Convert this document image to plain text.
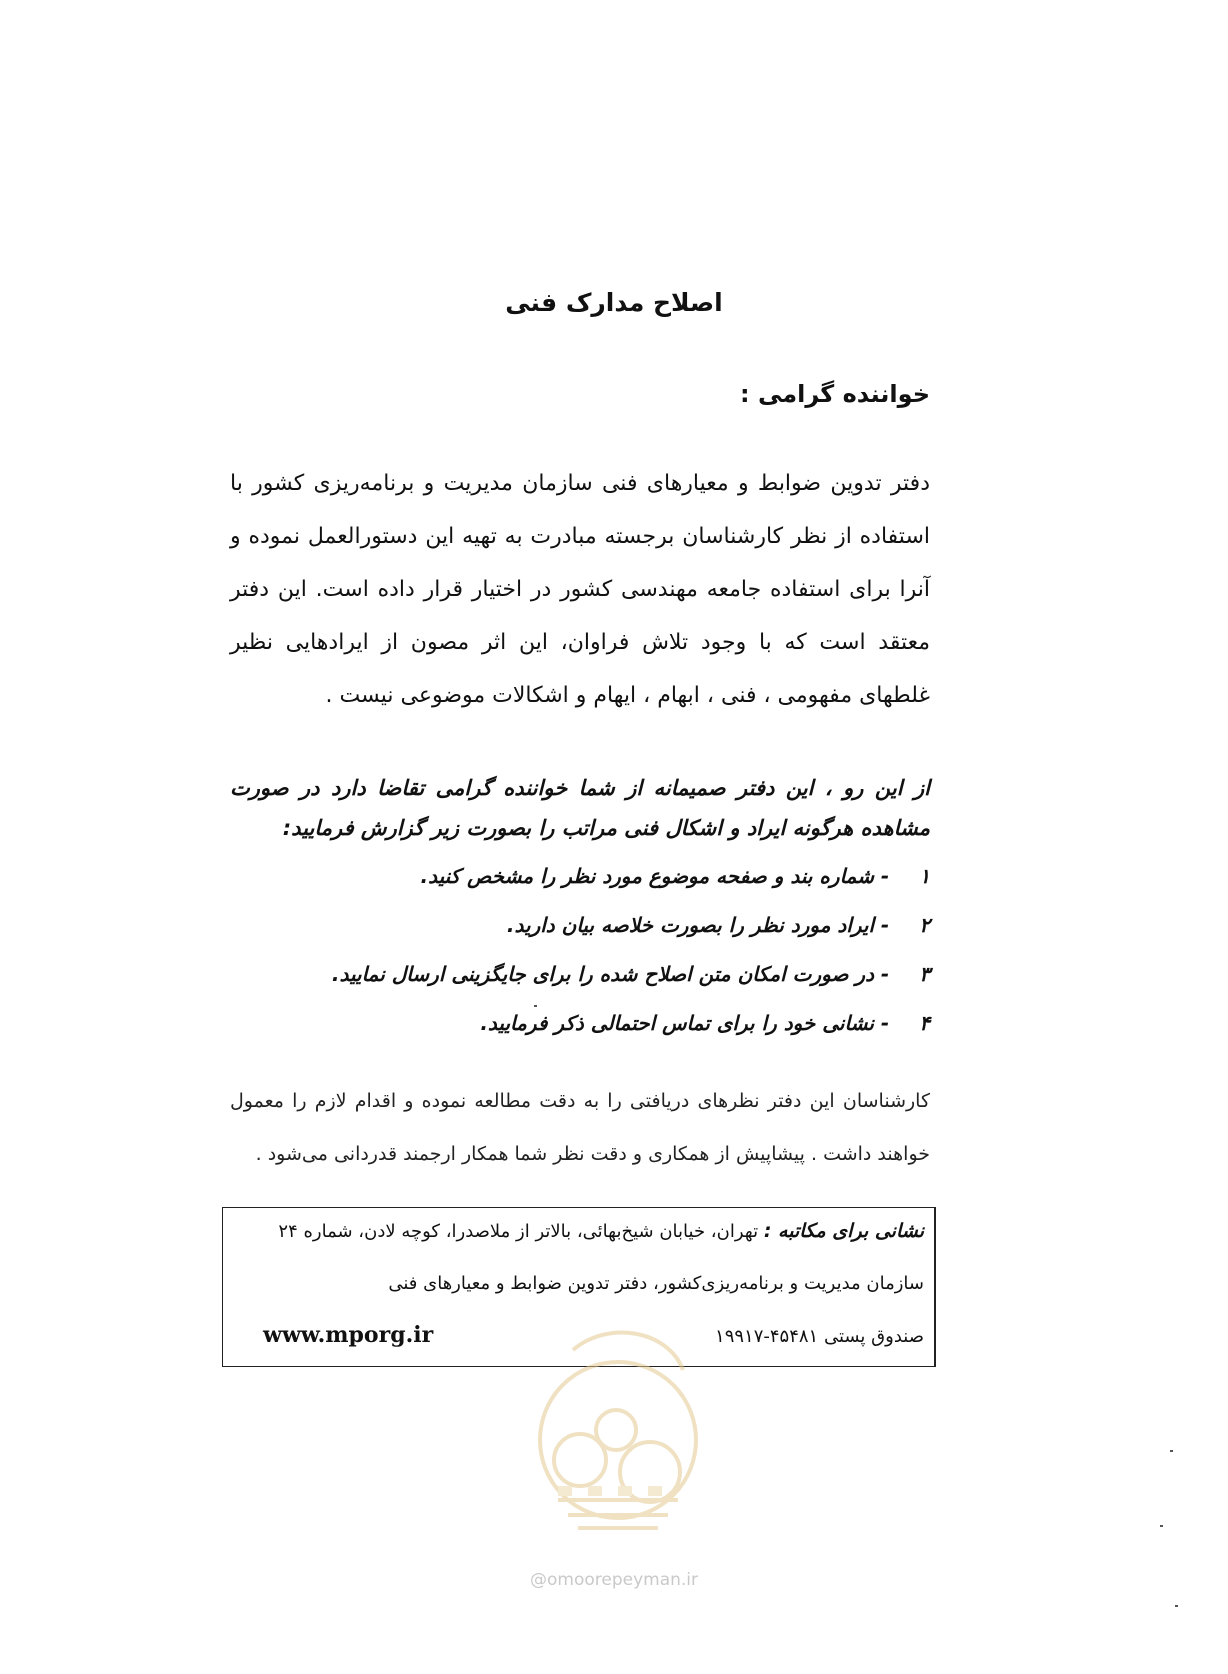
اصلاح مدارک فنی
خواننده گرامی :
دفتر تدوین ضوابط و معیارهای فنی سازمان مدیریت و برنامه‌ریزی کشور با استفاده از نظر کارشناسان برجسته مبادرت به تهیه این دستورالعمل نموده و آنرا برای استفاده جامعه مهندسی کشور در اختیار قرار داده است. این دفتر معتقد است که با وجود تلاش فراوان، این اثر مصون از ایرادهایی نظیر غلطهای مفهومی ، فنی ، ابهام ، ایهام و اشکالات موضوعی نیست .
از این رو ، این دفتر صمیمانه از شما خواننده گرامی تقاضا دارد در صورت مشاهده هرگونه ایراد و اشکال فنی مراتب را بصورت زیر گزارش فرمایید:
۱
-
شماره بند و صفحه موضوع مورد نظر را مشخص کنید.
۲
-
ایراد مورد نظر را بصورت خلاصه بیان دارید.
۳
-
در صورت امکان متن اصلاح شده را برای جایگزینی ارسال نمایید.
۴
-
نشانی خود را برای تماس احتمالی ذکر فرمایید.
کارشناسان این دفتر نظرهای دریافتی را به دقت مطالعه نموده و اقدام لازم را معمول خواهند داشت . پیشاپیش از همکاری و دقت نظر شما همکار ارجمند قدردانی می‌شود .
نشانی برای مکاتبه : تهران، خیابان شیخ‌بهائی، بالاتر از ملاصدرا، کوچه لادن، شماره ۲۴
سازمان مدیریت و برنامه‌ریزی‌کشور، دفتر تدوین ضوابط و معیارهای فنی
صندوق پستی ۴۵۴۸۱-۱۹۹۱۷
www.mporg.ir
@omoorepeyman.ir
